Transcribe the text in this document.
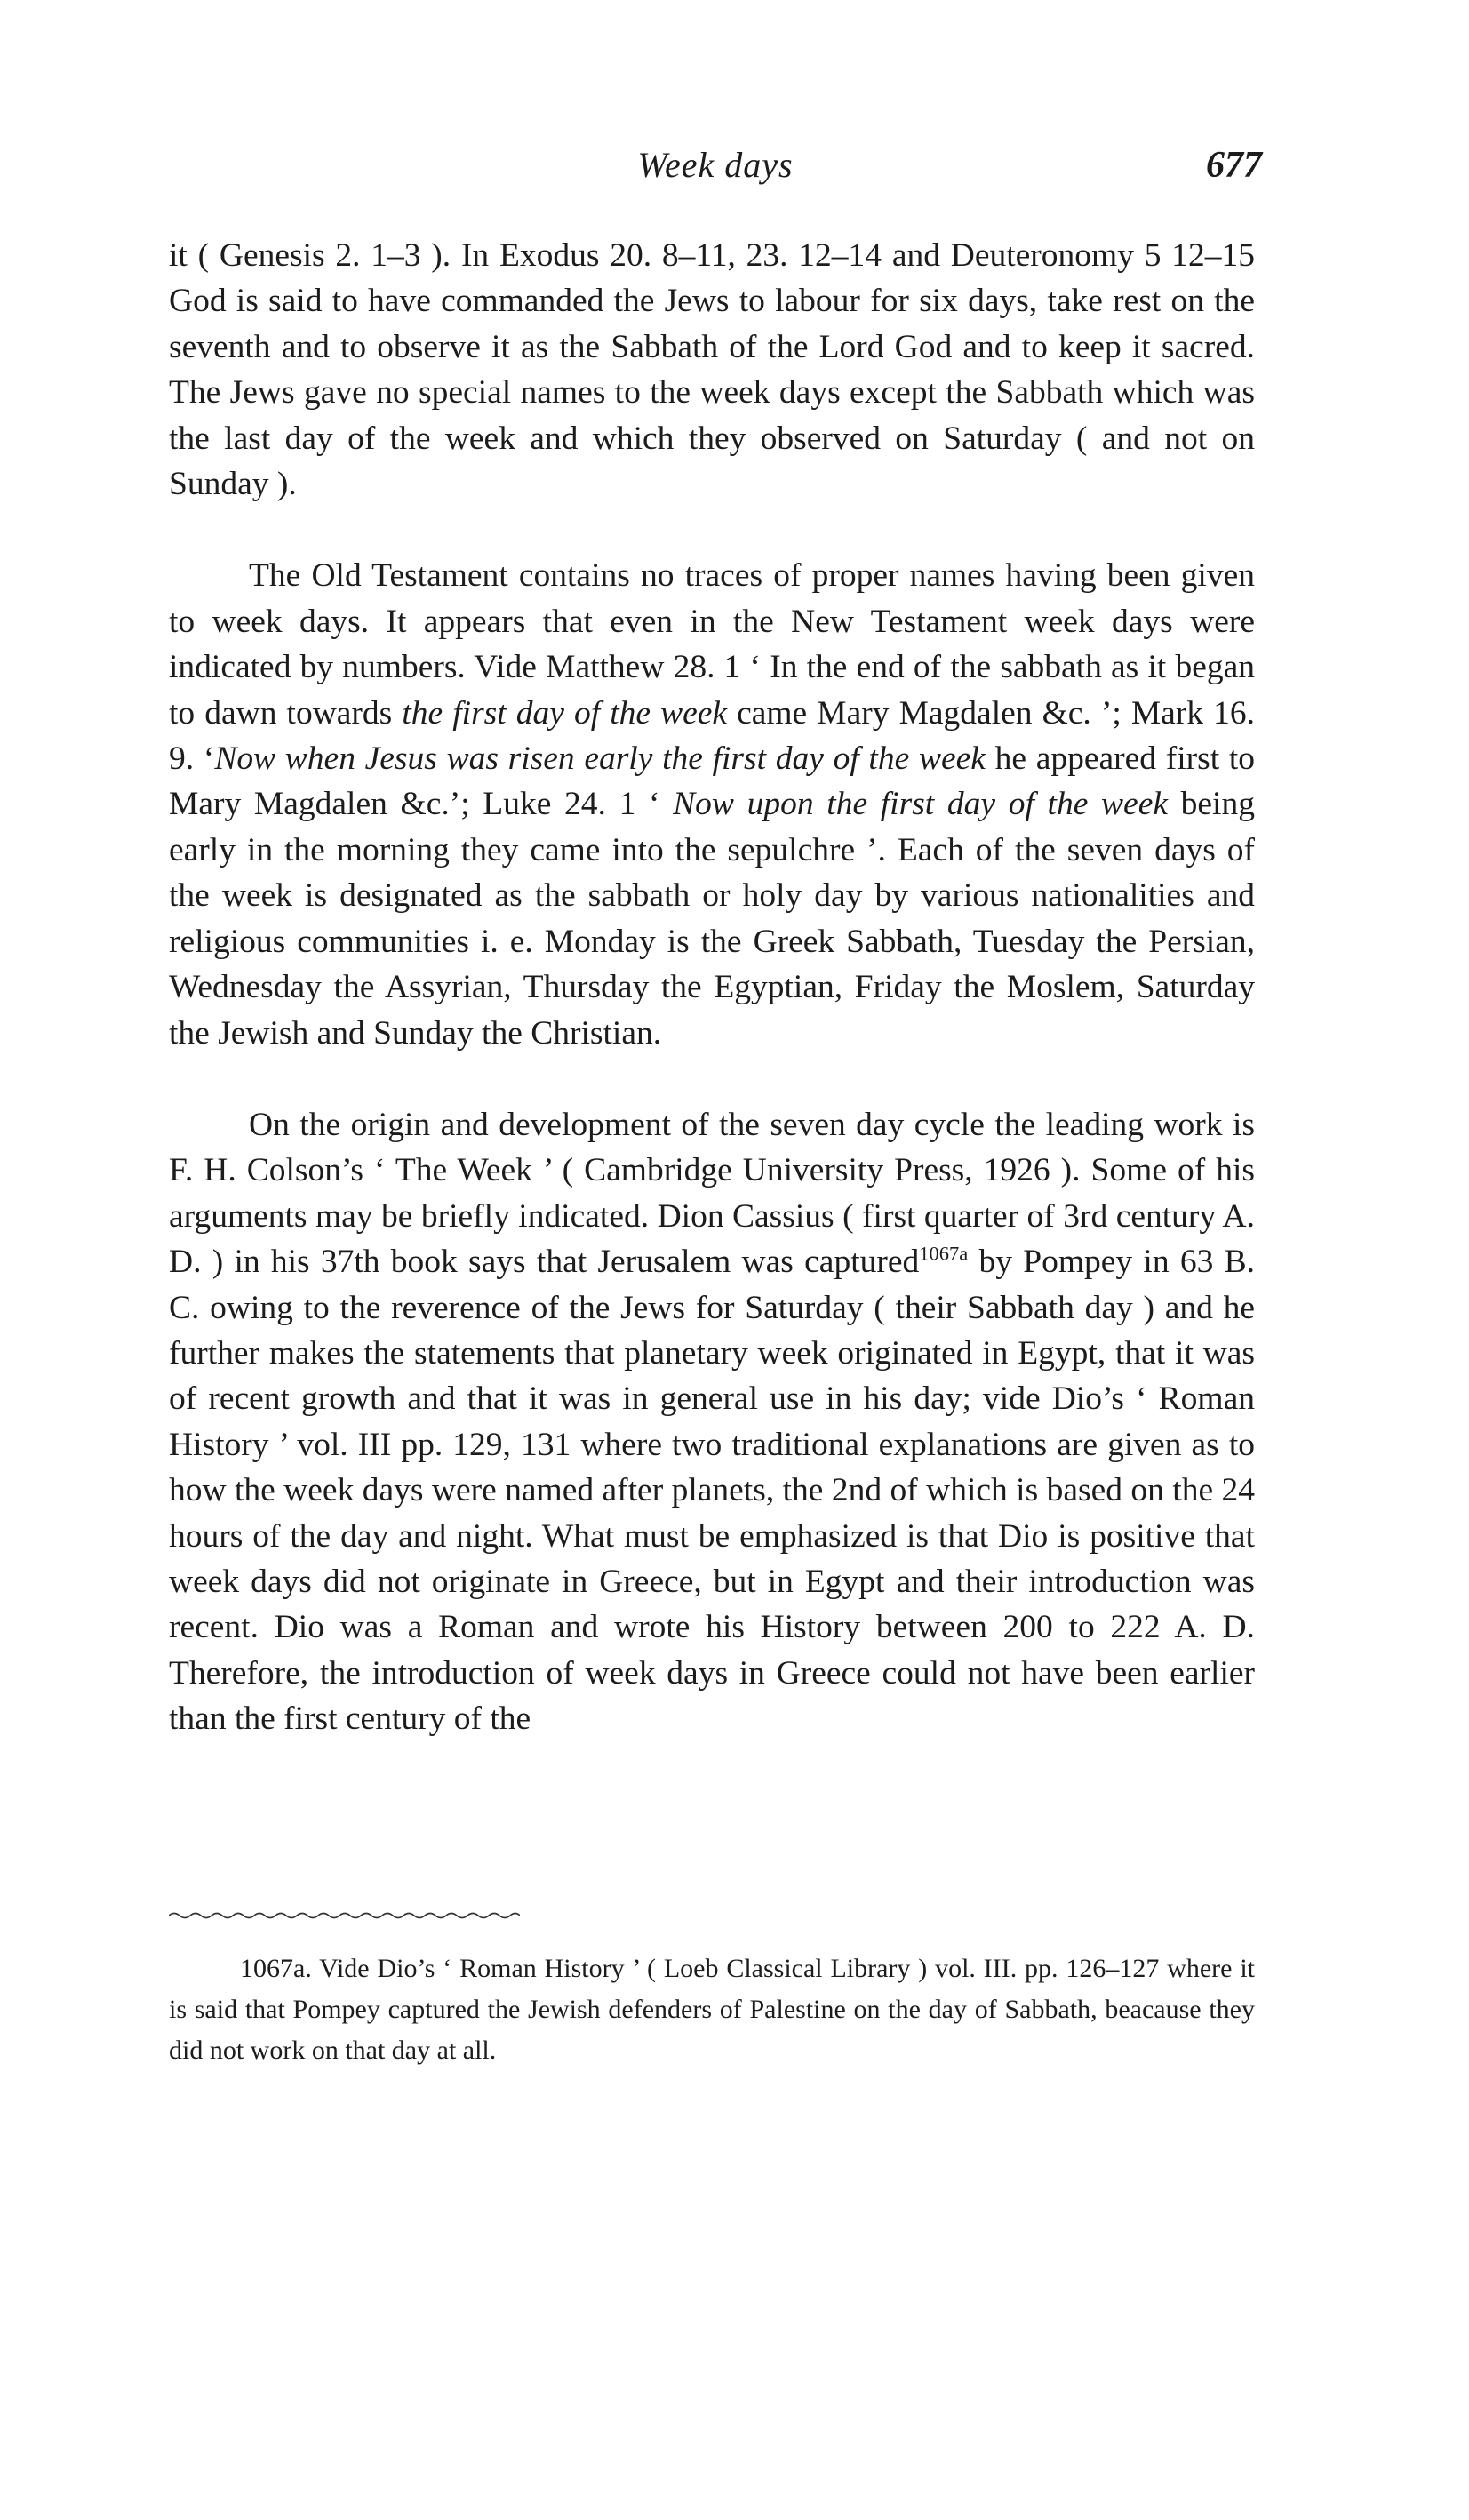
Week days	677

it ( Genesis 2. 1–3 ). In Exodus 20. 8–11, 23. 12–14 and Deuteronomy 5 12–15 God is said to have commanded the Jews to labour for six days, take rest on the seventh and to observe it as the Sabbath of the Lord God and to keep it sacred. The Jews gave no special names to the week days except the Sabbath which was the last day of the week and which they observed on Saturday ( and not on Sunday ).

The Old Testament contains no traces of proper names having been given to week days. It appears that even in the New Testament week days were indicated by numbers. Vide Matthew 28. 1 ‘ In the end of the sabbath as it began to dawn towards the first day of the week came Mary Magdalen &c. ’; Mark 16. 9. ‘Now when Jesus was risen early the first day of the week he appeared first to Mary Magdalen &c.’; Luke 24. 1 ‘ Now upon the first day of the week being early in the morning they came into the sepulchre ’. Each of the seven days of the week is designated as the sabbath or holy day by various nationalities and religious communities i. e. Monday is the Greek Sabbath, Tuesday the Persian, Wednesday the Assyrian, Thursday the Egyptian, Friday the Moslem, Saturday the Jewish and Sunday the Christian.

On the origin and development of the seven day cycle the leading work is F. H. Colson’s ‘ The Week ’ ( Cambridge University Press, 1926 ). Some of his arguments may be briefly indicated. Dion Cassius ( first quarter of 3rd century A. D. ) in his 37th book says that Jerusalem was captured$^{1067a}$ by Pompey in 63 B. C. owing to the reverence of the Jews for Saturday ( their Sabbath day ) and he further makes the statements that planetary week originated in Egypt, that it was of recent growth and that it was in general use in his day; vide Dio’s ‘ Roman History ’ vol. III pp. 129, 131 where two traditional explanations are given as to how the week days were named after planets, the 2nd of which is based on the 24 hours of the day and night. What must be emphasized is that Dio is positive that week days did not originate in Greece, but in Egypt and their introduction was recent. Dio was a Roman and wrote his History between 200 to 222 A. D. Therefore, the introduction of week days in Greece could not have been earlier than the first century of the

1067a. Vide Dio’s ‘ Roman History ’ ( Loeb Classical Library ) vol. III. pp. 126–127 where it is said that Pompey captured the Jewish defenders of Palestine on the day of Sabbath, beacause they did not work on that day at all.
